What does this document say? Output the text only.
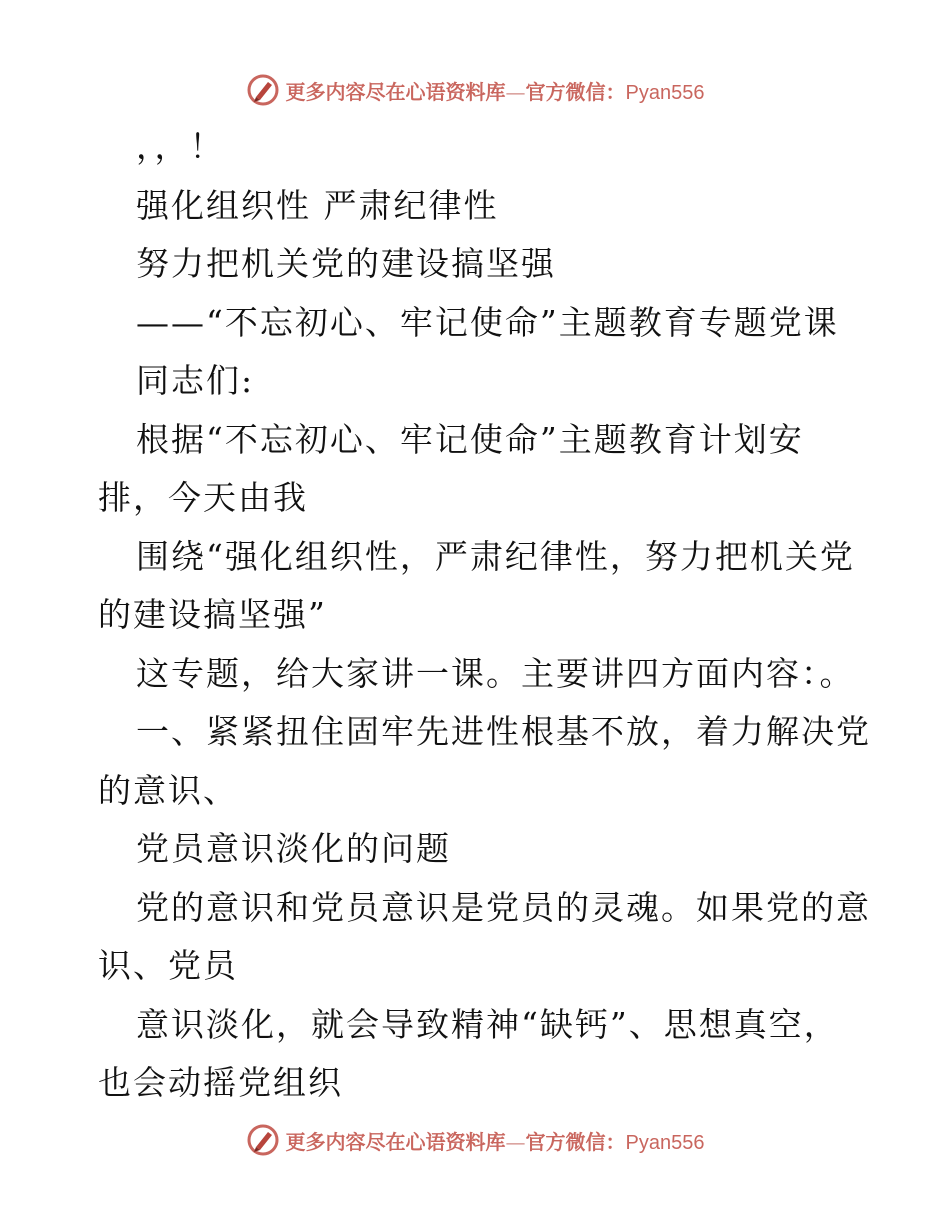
更多内容尽在心语资料库—官方微信：Pyan556
，，！
强化组织性 严肃纪律性
努力把机关党的建设搞坚强
——“不忘初心、牢记使命”主题教育专题党课
同志们:
根据“不忘初心、牢记使命”主题教育计划安
排，今天由我
围绕“强化组织性，严肃纪律性，努力把机关党
的建设搞坚强”
这专题，给大家讲一课。主要讲四方面内容：。
一、紧紧扭住固牢先进性根基不放，着力解决党
的意识、
党员意识淡化的问题
党的意识和党员意识是党员的灵魂。如果党的意
识、党员
意识淡化，就会导致精神“缺钙”、思想真空，
也会动摇党组织
更多内容尽在心语资料库—官方微信：Pyan556
